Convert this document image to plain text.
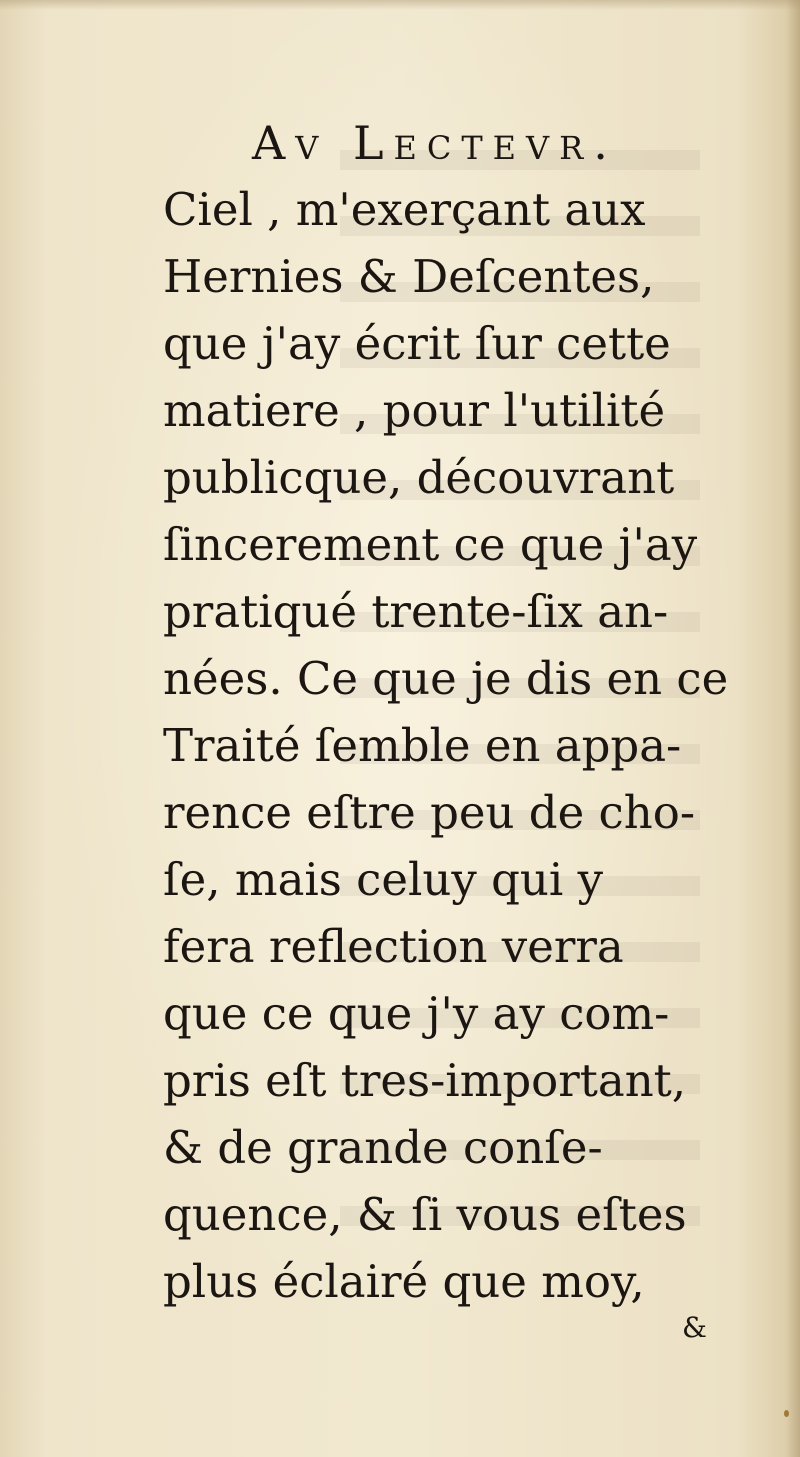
Av Lectevr.
Ciel , m'exerçant aux
Hernies & Deſcentes,
que j'ay écrit ſur cette
matiere , pour l'utilité
publicque, découvrant
ſincerement ce que j'ay
pratiqué trente-ſix an-
nées. Ce que je dis en ce
Traité ſemble en appa-
rence eſtre peu de cho-
ſe, mais celuy qui y
fera reflection verra
que ce que j'y ay com-
pris eſt tres-important,
& de grande conſe-
quence, & ſi vous eſtes
plus éclairé que moy,
&
